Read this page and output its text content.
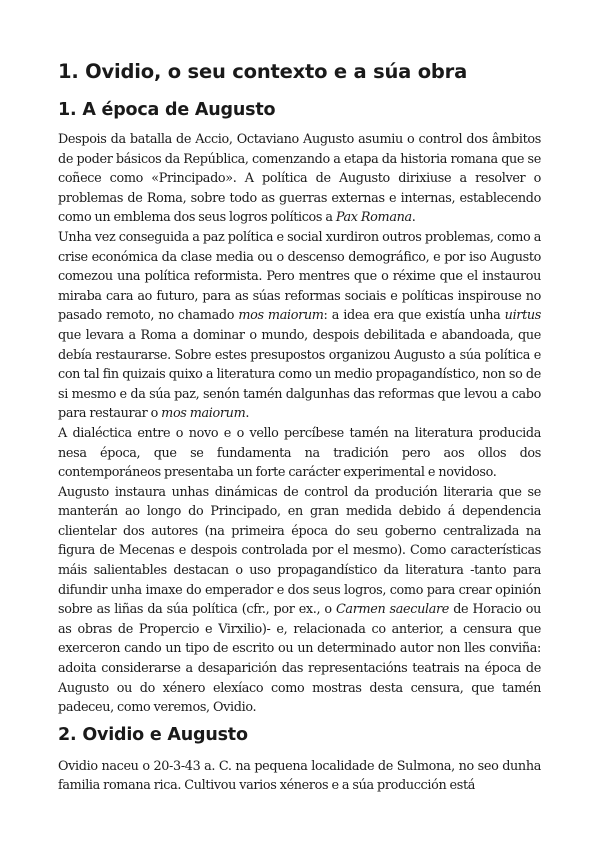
1. Ovidio, o seu contexto e a súa obra
1. A época de Augusto

Despois da batalla de Accio, Octaviano Augusto asumiu o control dos âmbitos de poder básicos da República, comenzando a etapa da historia romana que se coñece como «Principado». A política de Augusto dirixiuse a resolver o problemas de Roma, sobre todo as guerras externas e internas, establecendo como un emblema dos seus logros políticos a Pax Romana.

Unha vez conseguida a paz política e social xurdiron outros problemas, como a crise económica da clase media ou o descenso demográfico, e por iso Augusto comezou una política reformista. Pero mentres que o réxime que el instaurou miraba cara ao futuro, para as súas reformas sociais e políticas inspirouse no pasado remoto, no chamado mos maiorum: a idea era que existía unha uirtus que levara a Roma a dominar o mundo, despois debilitada e abandoada, que debía restaurarse. Sobre estes presupostos organizou Augusto a súa política e con tal fin quizais quixo a literatura como un medio propagandístico, non so de si mesmo e da súa paz, senón tamén dalgunhas das reformas que levou a cabo para restaurar o mos maiorum.

A dialéctica entre o novo e o vello percíbese tamén na literatura producida nesa época, que se fundamenta na tradición pero aos ollos dos contemporáneos presentaba un forte carácter experimental e novidoso.

Augusto instaura unhas dinámicas de control da produción literaria que se manterán ao longo do Principado, en gran medida debido á dependencia clientelar dos autores (na primeira época do seu goberno centralizada na figura de Mecenas e despois controlada por el mesmo). Como características máis salientables destacan o uso propagandístico da literatura -tanto para difundir unha imaxe do emperador e dos seus logros, como para crear opinión sobre as liñas da súa política (cfr., por ex., o Carmen saeculare de Horacio ou as obras de Propercio e Virxilio)- e, relacionada co anterior, a censura que exerceron cando un tipo de escrito ou un determinado autor non lles conviña: adoita considerarse a desaparición das representacións teatrais na época de Augusto ou do xénero elexíaco como mostras desta censura, que tamén padeceu, como veremos, Ovidio.

2. Ovidio e Augusto

Ovidio naceu o 20-3-43 a. C. na pequena localidade de Sulmona, no seo dunha familia romana rica. Cultivou varios xéneros e a súa producción está
